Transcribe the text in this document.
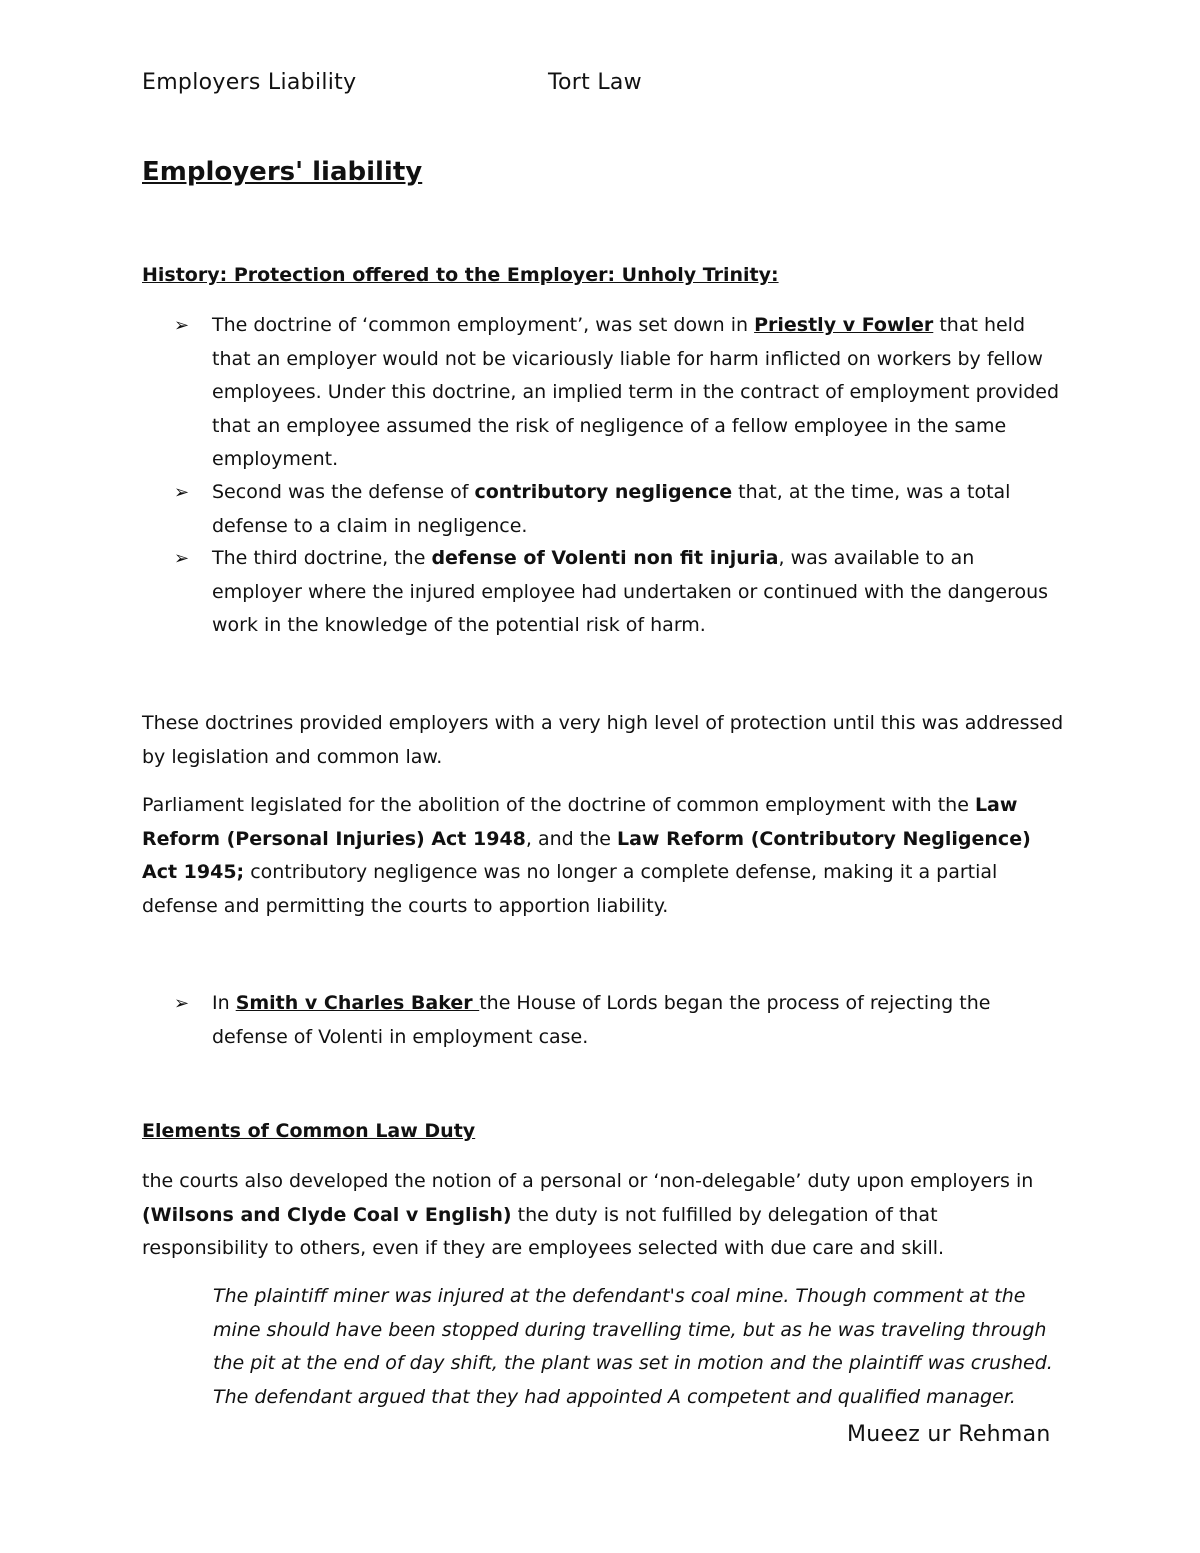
Employers Liability	Tort Law
Employers' liability
History: Protection offered to the Employer: Unholy Trinity:
➢ The doctrine of ‘common employment’, was set down in Priestly v Fowler that held that an employer would not be vicariously liable for harm inflicted on workers by fellow employees. Under this doctrine, an implied term in the contract of employment provided that an employee assumed the risk of negligence of a fellow employee in the same employment.
➢ Second was the defense of contributory negligence that, at the time, was a total defense to a claim in negligence.
➢ The third doctrine, the defense of Volenti non fit injuria, was available to an employer where the injured employee had undertaken or continued with the dangerous work in the knowledge of the potential risk of harm.
These doctrines provided employers with a very high level of protection until this was addressed by legislation and common law.
Parliament legislated for the abolition of the doctrine of common employment with the Law Reform (Personal Injuries) Act 1948, and the Law Reform (Contributory Negligence) Act 1945; contributory negligence was no longer a complete defense, making it a partial defense and permitting the courts to apportion liability.
➢ In Smith v Charles Baker the House of Lords began the process of rejecting the defense of Volenti in employment case.
Elements of Common Law Duty
the courts also developed the notion of a personal or ‘non-delegable’ duty upon employers in (Wilsons and Clyde Coal v English) the duty is not fulfilled by delegation of that responsibility to others, even if they are employees selected with due care and skill.
The plaintiff miner was injured at the defendant's coal mine. Though comment at the mine should have been stopped during travelling time, but as he was traveling through the pit at the end of day shift, the plant was set in motion and the plaintiff was crushed. The defendant argued that they had appointed A competent and qualified manager.
Mueez ur Rehman
